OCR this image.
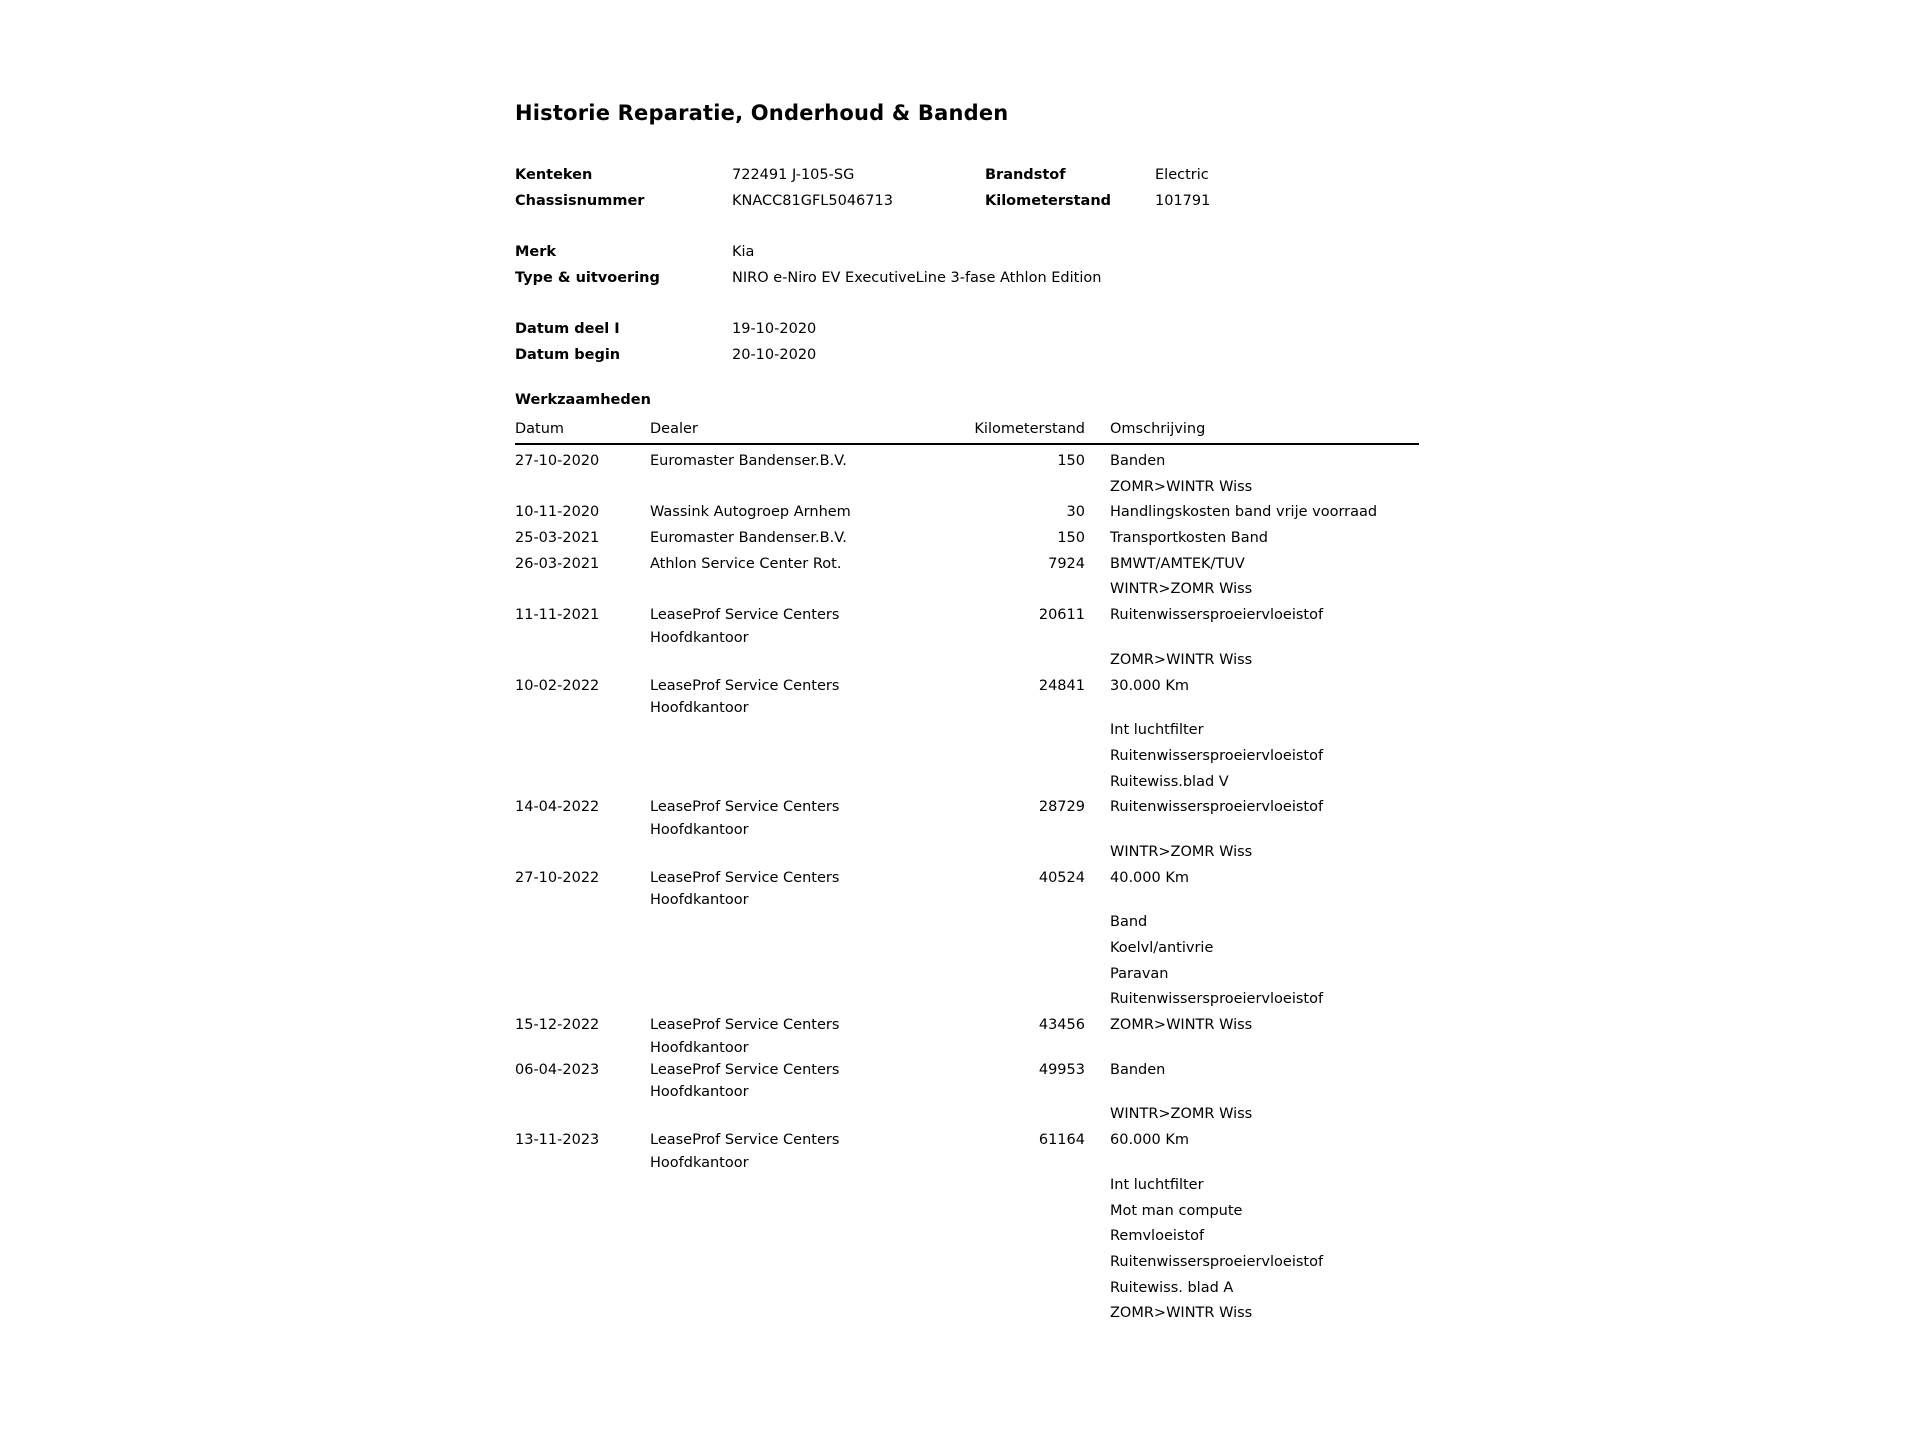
Historie Reparatie, Onderhoud & Banden
Kenteken	722491 J-105-SG	Brandstof	Electric
Chassisnummer	KNACC81GFL5046713	Kilometerstand	101791
Merk	Kia
Type & uitvoering	NIRO e-Niro EV ExecutiveLine 3-fase Athlon Edition
Datum deel I	19-10-2020
Datum begin	20-10-2020
Werkzaamheden
Datum	Dealer	Kilometerstand Omschrijving
27-10-2020	Euromaster Bandenser.B.V.	150 Banden
ZOMR>WINTR Wiss
10-11-2020	Wassink Autogroep Arnhem	30 Handlingskosten band vrije voorraad
25-03-2021	Euromaster Bandenser.B.V.	150 Transportkosten Band
26-03-2021	Athlon Service Center Rot.	7924 BMWT/AMTEK/TUV
WINTR>ZOMR Wiss
11-11-2021	LeaseProf Service Centers
Hoofdkantoor
20611 Ruitenwissersproeiervloeistof

ZOMR>WINTR Wiss
10-02-2022	LeaseProf Service Centers
Hoofdkantoor
24841 30.000 Km

Int luchtfilter
Ruitenwissersproeiervloeistof
Ruitewiss.blad V
14-04-2022	LeaseProf Service Centers
Hoofdkantoor
28729 Ruitenwissersproeiervloeistof

WINTR>ZOMR Wiss
27-10-2022	LeaseProf Service Centers
Hoofdkantoor
40524 40.000 Km

Band
Koelvl/antivrie
Paravan
Ruitenwissersproeiervloeistof
15-12-2022	LeaseProf Service Centers
Hoofdkantoor
43456 ZOMR>WINTR Wiss
06-04-2023	LeaseProf Service Centers
Hoofdkantoor
49953 Banden

WINTR>ZOMR Wiss
13-11-2023	LeaseProf Service Centers
Hoofdkantoor
61164 60.000 Km

Int luchtfilter
Mot man compute
Remvloeistof
Ruitenwissersproeiervloeistof
Ruitewiss. blad A
ZOMR>WINTR Wiss
